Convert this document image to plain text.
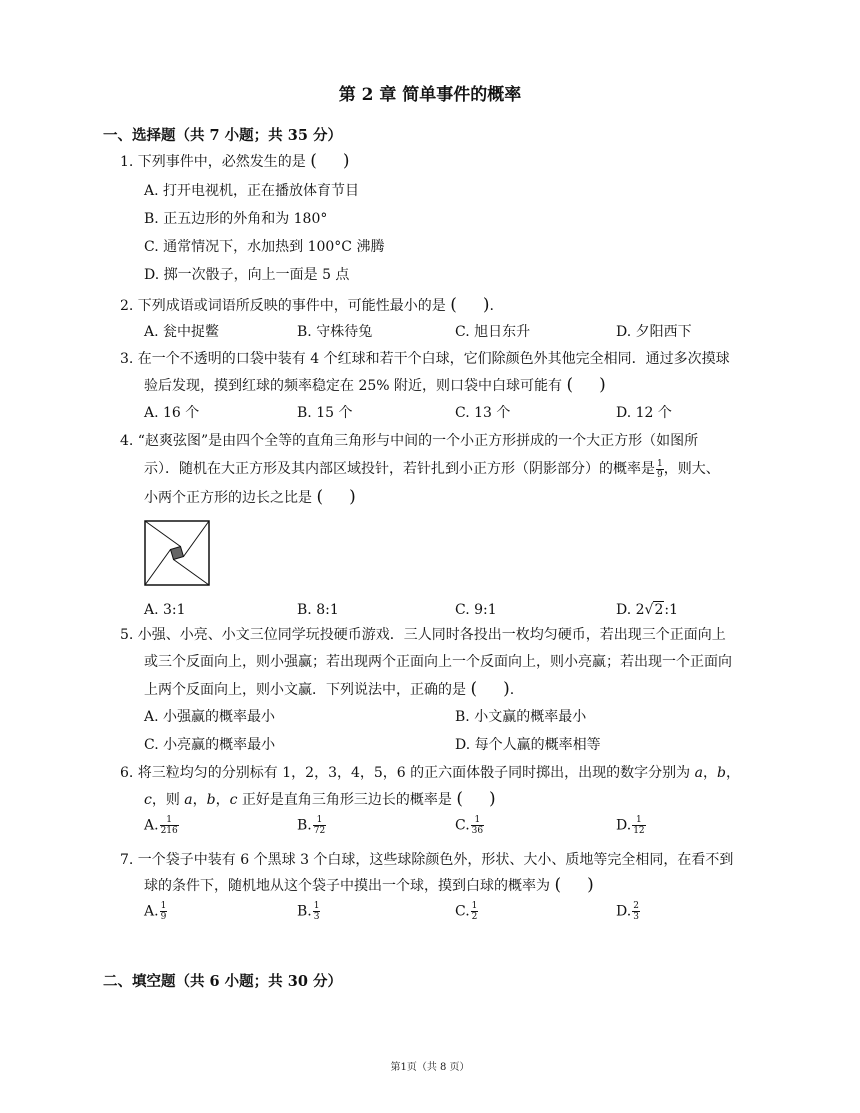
第 2 章 简单事件的概率
一、选择题（共 7 小题；共 35 分）
1. 下列事件中，必然发生的是 ( )
A. 打开电视机，正在播放体育节目
B. 正五边形的外角和为 180°
C. 通常情况下，水加热到 100°C 沸腾
D. 掷一次骰子，向上一面是 5 点
2. 下列成语或词语所反映的事件中，可能性最小的是 ( ).
A. 瓮中捉鳖	B. 守株待兔	C. 旭日东升	D. 夕阳西下
3. 在一个不透明的口袋中装有 4 个红球和若干个白球，它们除颜色外其他完全相同．通过多次摸球
验后发现，摸到红球的频率稳定在 25% 附近，则口袋中白球可能有 ( )
A. 16 个	B. 15 个	C. 13 个	D. 12 个
4. “赵爽弦图”是由四个全等的直角三角形与中间的一个小正方形拼成的一个大正方形（如图所
示）．随机在大正方形及其内部区域投针，若针扎到小正方形（阴影部分）的概率是 $\frac{1}{9}$ ，则大、
小两个正方形的边长之比是 ( )
A. 3:1	B. 8:1	C. 9:1	D. 2√2:1
5. 小强、小亮、小文三位同学玩投硬币游戏．三人同时各投出一枚均匀硬币，若出现三个正面向上
或三个反面向上，则小强赢；若出现两个正面向上一个反面向上，则小亮赢；若出现一个正面向
上两个反面向上，则小文赢．下列说法中，正确的是 ( ).
A. 小强赢的概率最小	B. 小文赢的概率最小
C. 小亮赢的概率最小	D. 每个人赢的概率相等
6. 将三粒均匀的分别标有 1，2，3，4，5，6 的正六面体骰子同时掷出，出现的数字分别为 a，b，
c，则 a，b，c 正好是直角三角形三边长的概率是 ( )
A. $\frac{1}{216}$	B. $\frac{1}{72}$	C. $\frac{1}{36}$	D. $\frac{1}{12}$
7. 一个袋子中装有 6 个黑球 3 个白球，这些球除颜色外，形状、大小、质地等完全相同，在看不到
球的条件下，随机地从这个袋子中摸出一个球，摸到白球的概率为 ( )
A. $\frac{1}{9}$	B. $\frac{1}{3}$	C. $\frac{1}{2}$	D. $\frac{2}{3}$
二、填空题（共 6 小题；共 30 分）
第1页（共 8 页）
